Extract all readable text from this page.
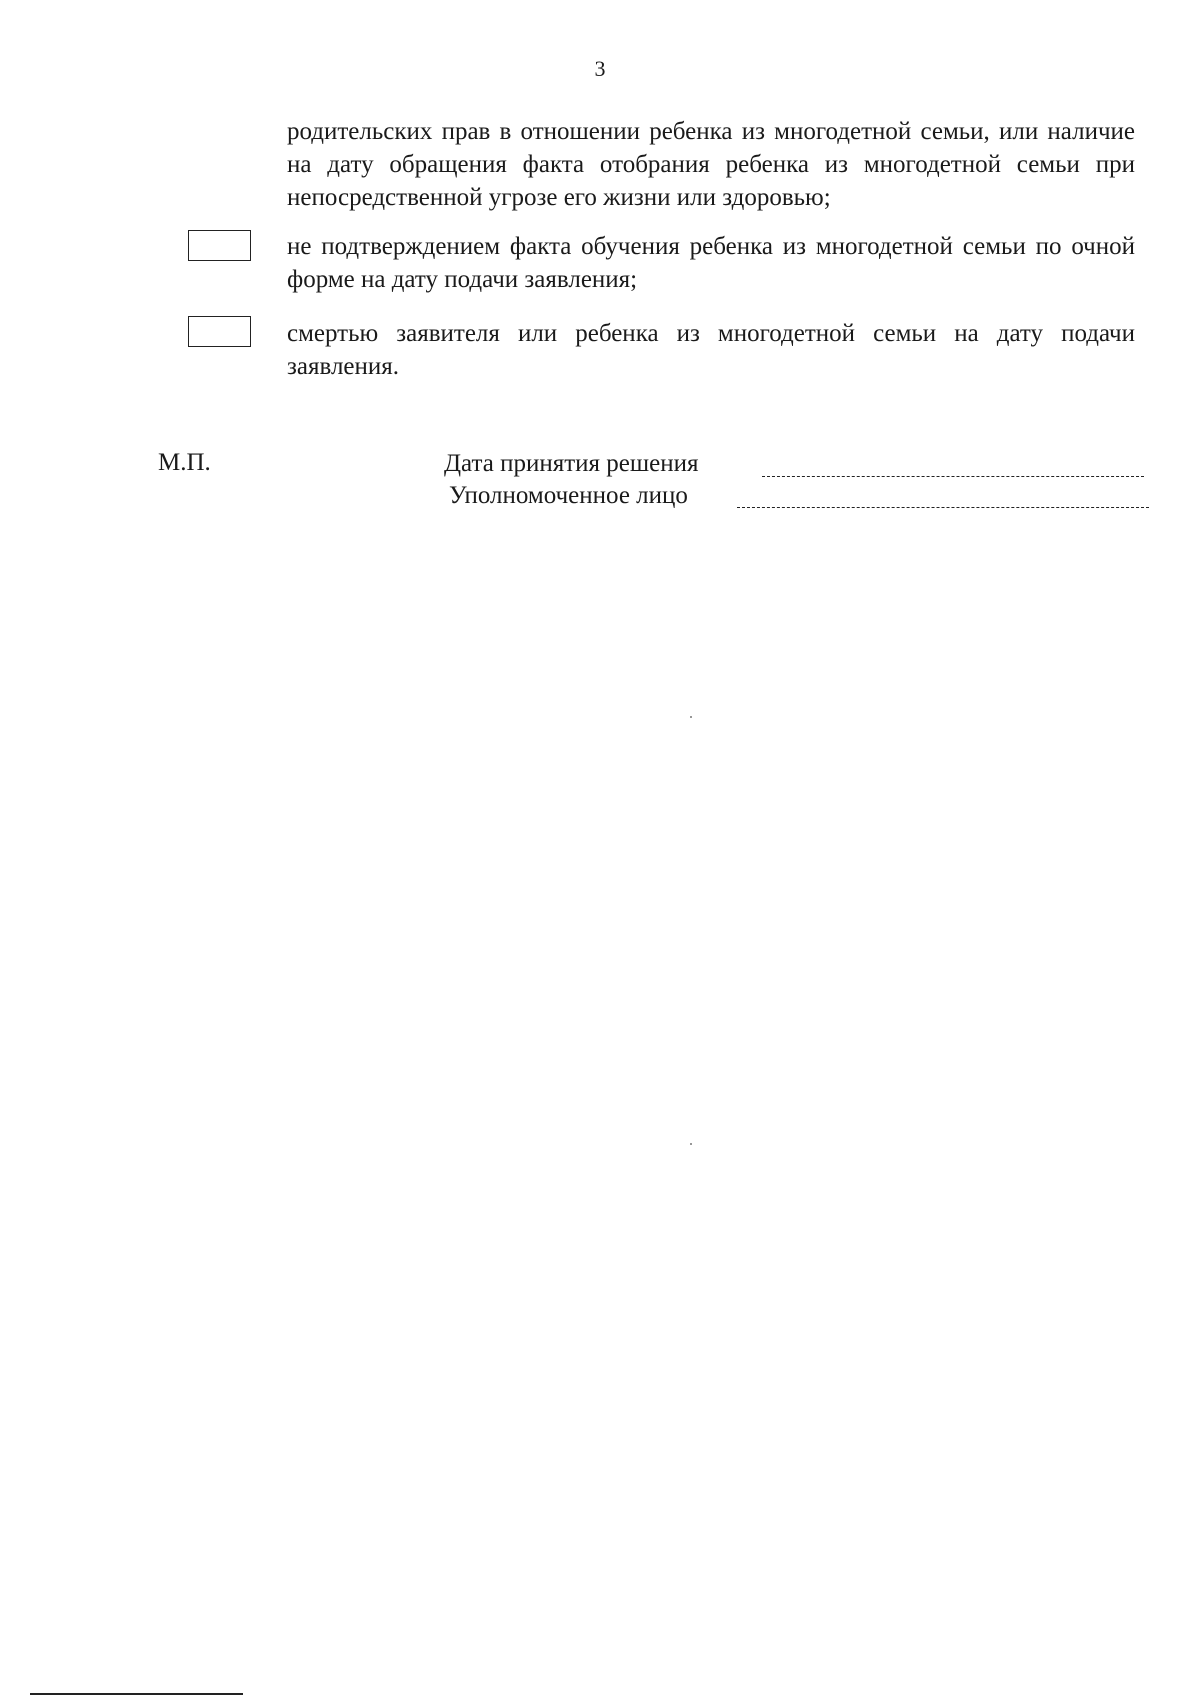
3
родительских прав в отношении ребенка из многодетной семьи, или наличие на дату обращения факта отобрания ребенка из многодетной семьи при непосредственной угрозе его жизни или здоровью;
не подтверждением факта обучения ребенка из многодетной семьи по очной форме на дату подачи заявления;
смертью заявителя или ребенка из многодетной семьи на дату подачи заявления.
М.П.	Дата принятия решения
Уполномоченное лицо
